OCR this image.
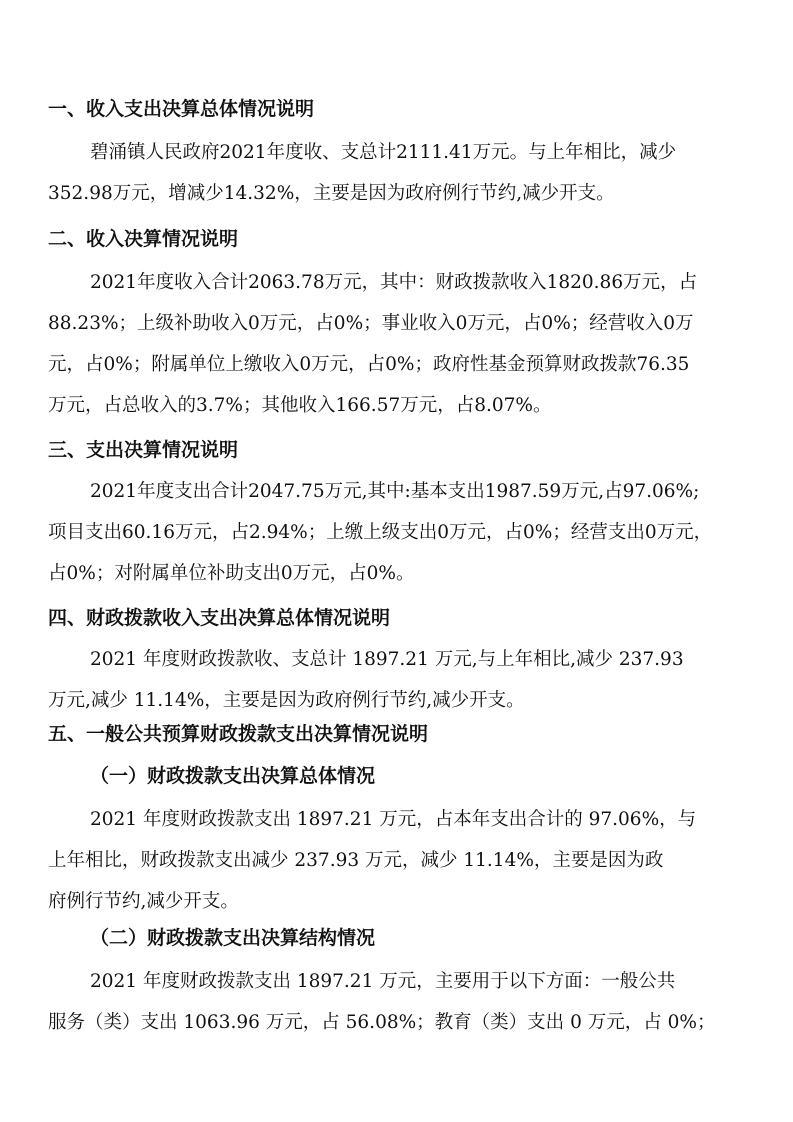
一、收入支出决算总体情况说明

碧涌镇人民政府2021年度收、支总计2111.41万元。与上年相比，减少

352.98万元，增减少14.32%，主要是因为政府例行节约,减少开支。

二、收入决算情况说明

2021年度收入合计2063.78万元，其中：财政拨款收入1820.86万元，占

88.23%；上级补助收入0万元，占0%；事业收入0万元，占0%；经营收入0万

元，占0%；附属单位上缴收入0万元，占0%；政府性基金预算财政拨款76.35

万元，占总收入的3.7%；其他收入166.57万元，占8.07%。

三、支出决算情况说明

2021年度支出合计2047.75万元,其中:基本支出1987.59万元,占97.06%;

项目支出60.16万元，占2.94%；上缴上级支出0万元，占0%；经营支出0万元，

占0%；对附属单位补助支出0万元，占0%。

四、财政拨款收入支出决算总体情况说明

2021 年度财政拨款收、支总计 1897.21 万元,与上年相比,减少 237.93

万元,减少 11.14%，主要是因为政府例行节约,减少开支。

五、一般公共预算财政拨款支出决算情况说明
（一）财政拨款支出决算总体情况

2021 年度财政拨款支出 1897.21 万元，占本年支出合计的 97.06%，与

上年相比，财政拨款支出减少 237.93 万元，减少 11.14%，主要是因为政

府例行节约,减少开支。

（二）财政拨款支出决算结构情况

2021 年度财政拨款支出 1897.21 万元，主要用于以下方面：一般公共

服务（类）支出 1063.96 万元，占 56.08%；教育（类）支出 0 万元，占 0%；
